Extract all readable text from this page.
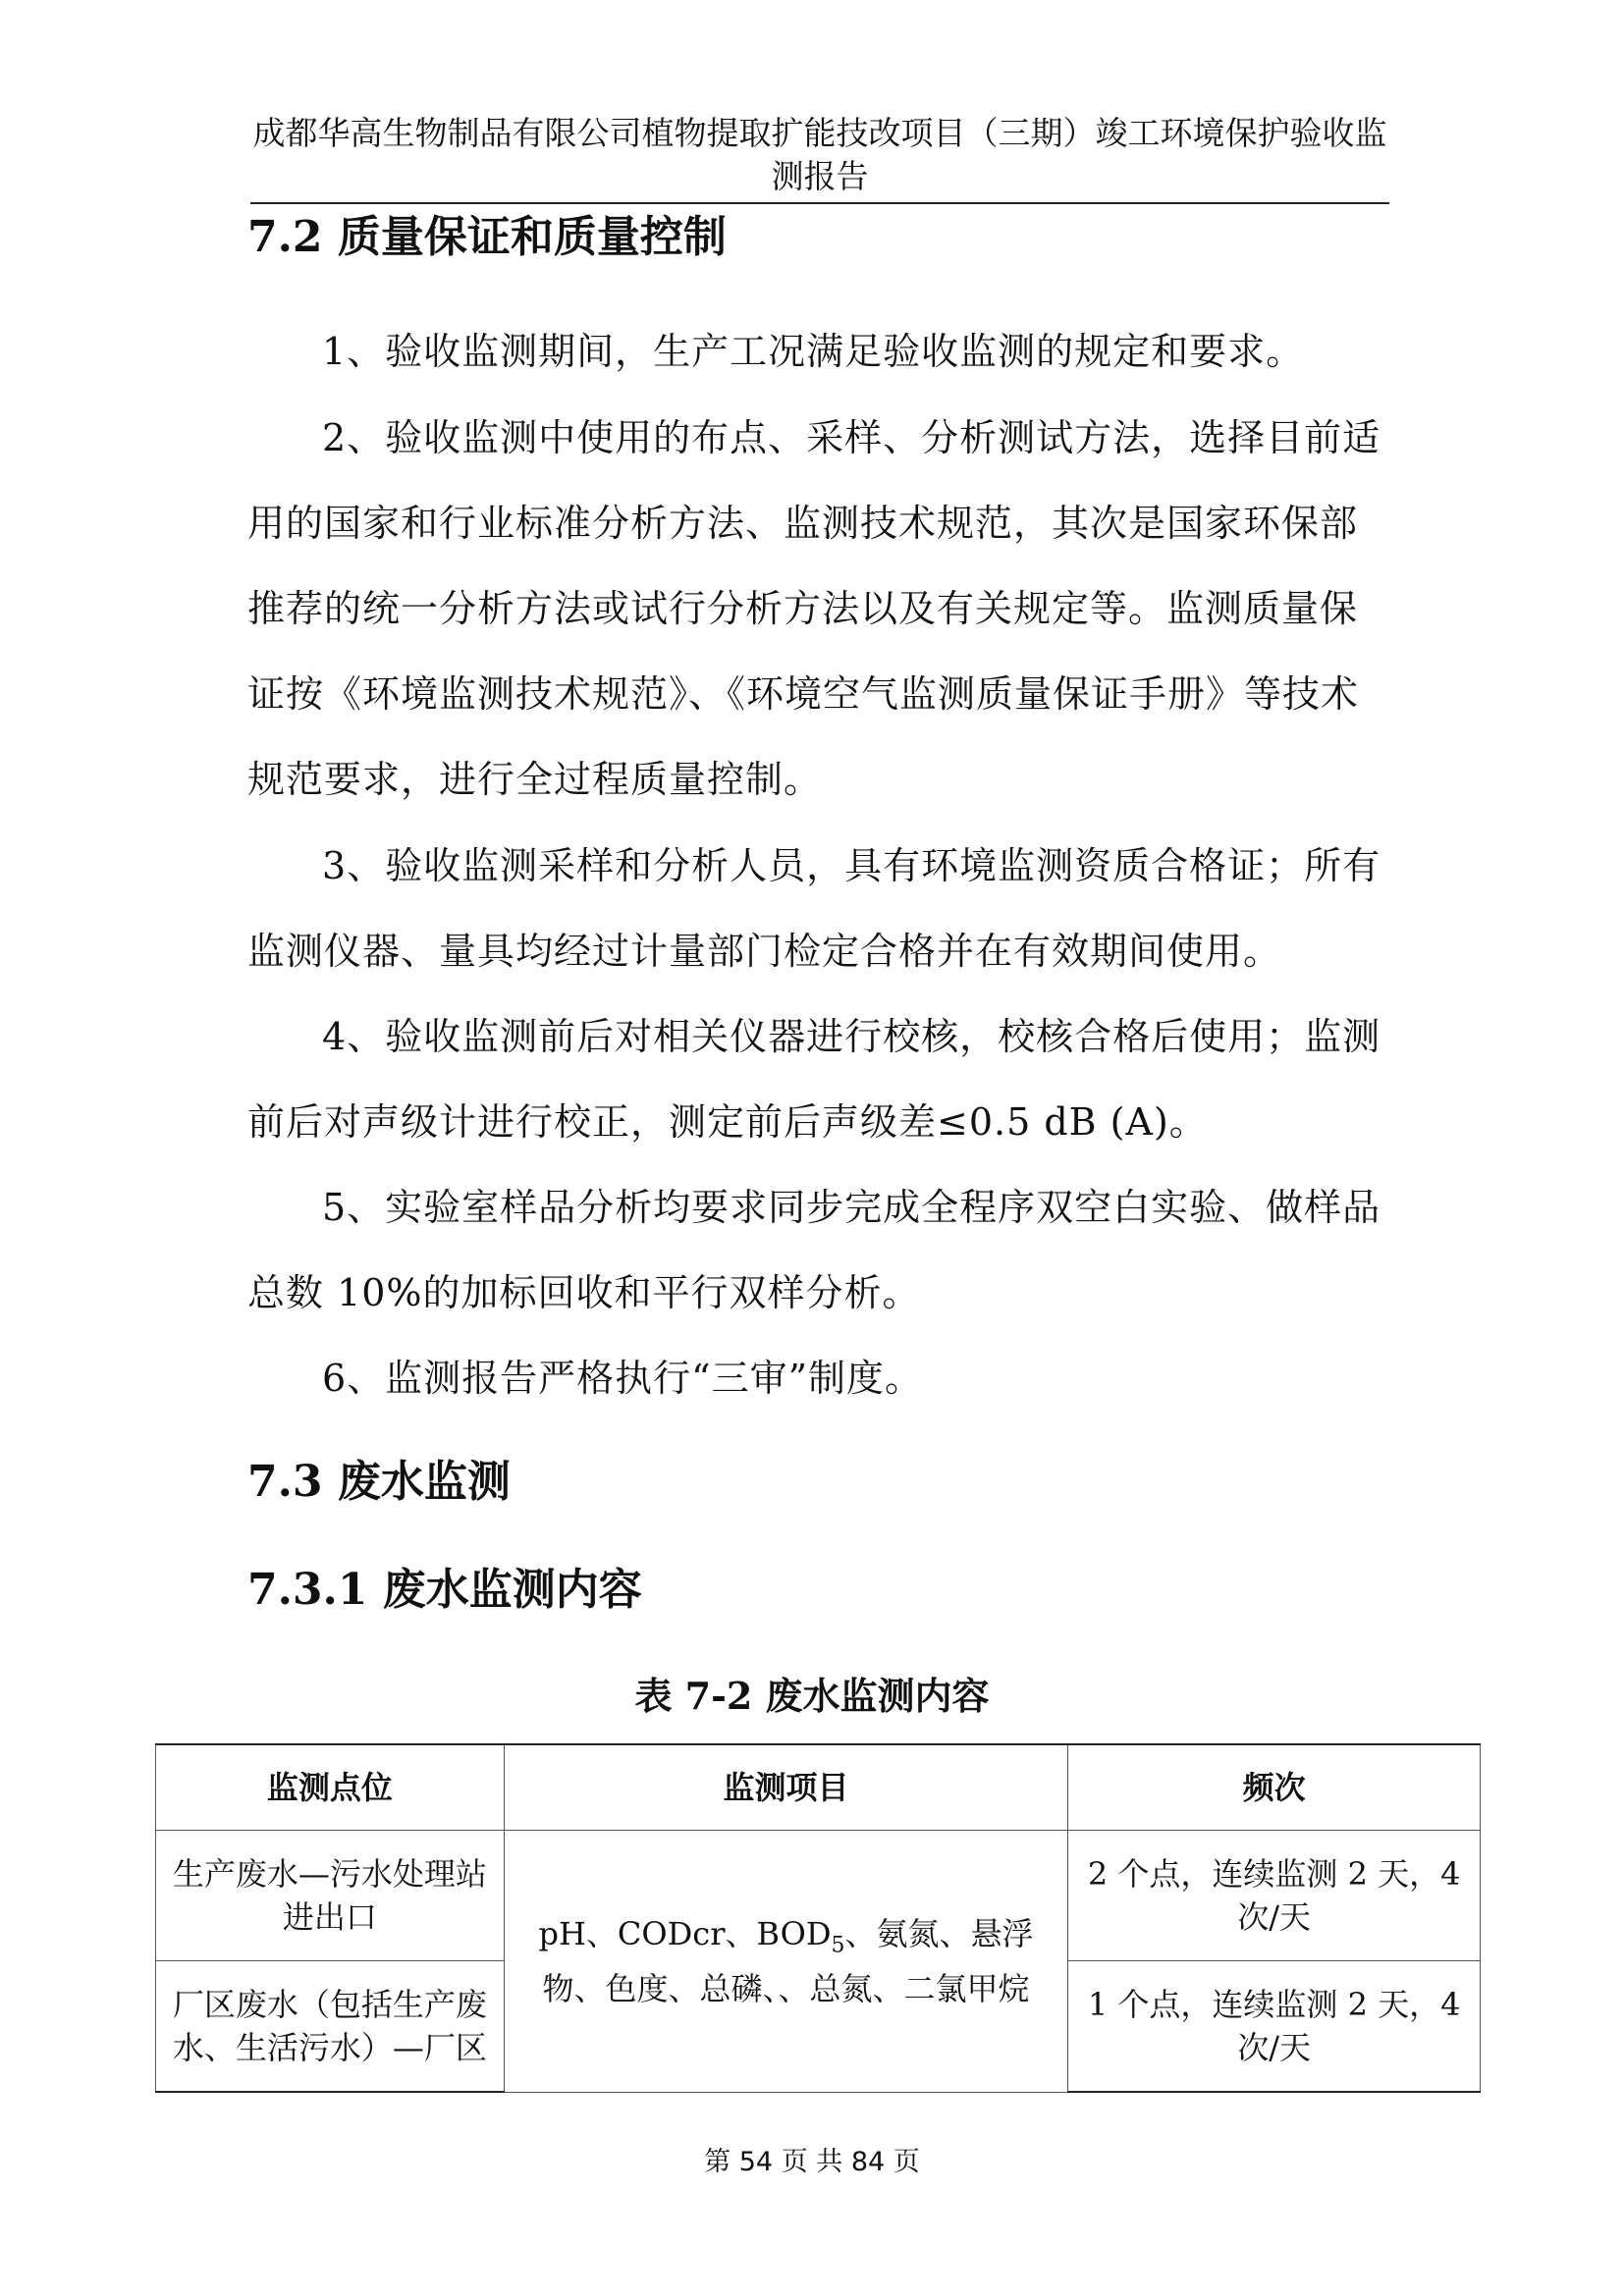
成都华高生物制品有限公司植物提取扩能技改项目（三期）竣工环境保护验收监测报告
7.2 质量保证和质量控制

1、验收监测期间，生产工况满足验收监测的规定和要求。

2、验收监测中使用的布点、采样、分析测试方法，选择目前适用的国家和行业标准分析方法、监测技术规范，其次是国家环保部推荐的统一分析方法或试行分析方法以及有关规定等。监测质量保证按《环境监测技术规范》、《环境空气监测质量保证手册》等技术规范要求，进行全过程质量控制。

3、验收监测采样和分析人员，具有环境监测资质合格证；所有监测仪器、量具均经过计量部门检定合格并在有效期间使用。

4、验收监测前后对相关仪器进行校核，校核合格后使用；监测前后对声级计进行校正，测定前后声级差≤0.5 dB (A)。

5、实验室样品分析均要求同步完成全程序双空白实验、做样品总数 10%的加标回收和平行双样分析。

6、监测报告严格执行“三审”制度。

7.3 废水监测
7.3.1 废水监测内容
表 7-2 废水监测内容
监测点位	监测项目	频次
生产废水—污水处理站进出口	pH、CODcr、$BOD_5$、氨氮、悬浮物、色度、总磷、、总氮、二氯甲烷	2 个点，连续监测 2 天，4 次/天
厂区废水（包括生产废水、生活污水）—厂区		1 个点，连续监测 2 天，4 次/天
第 54 页 共 84 页
